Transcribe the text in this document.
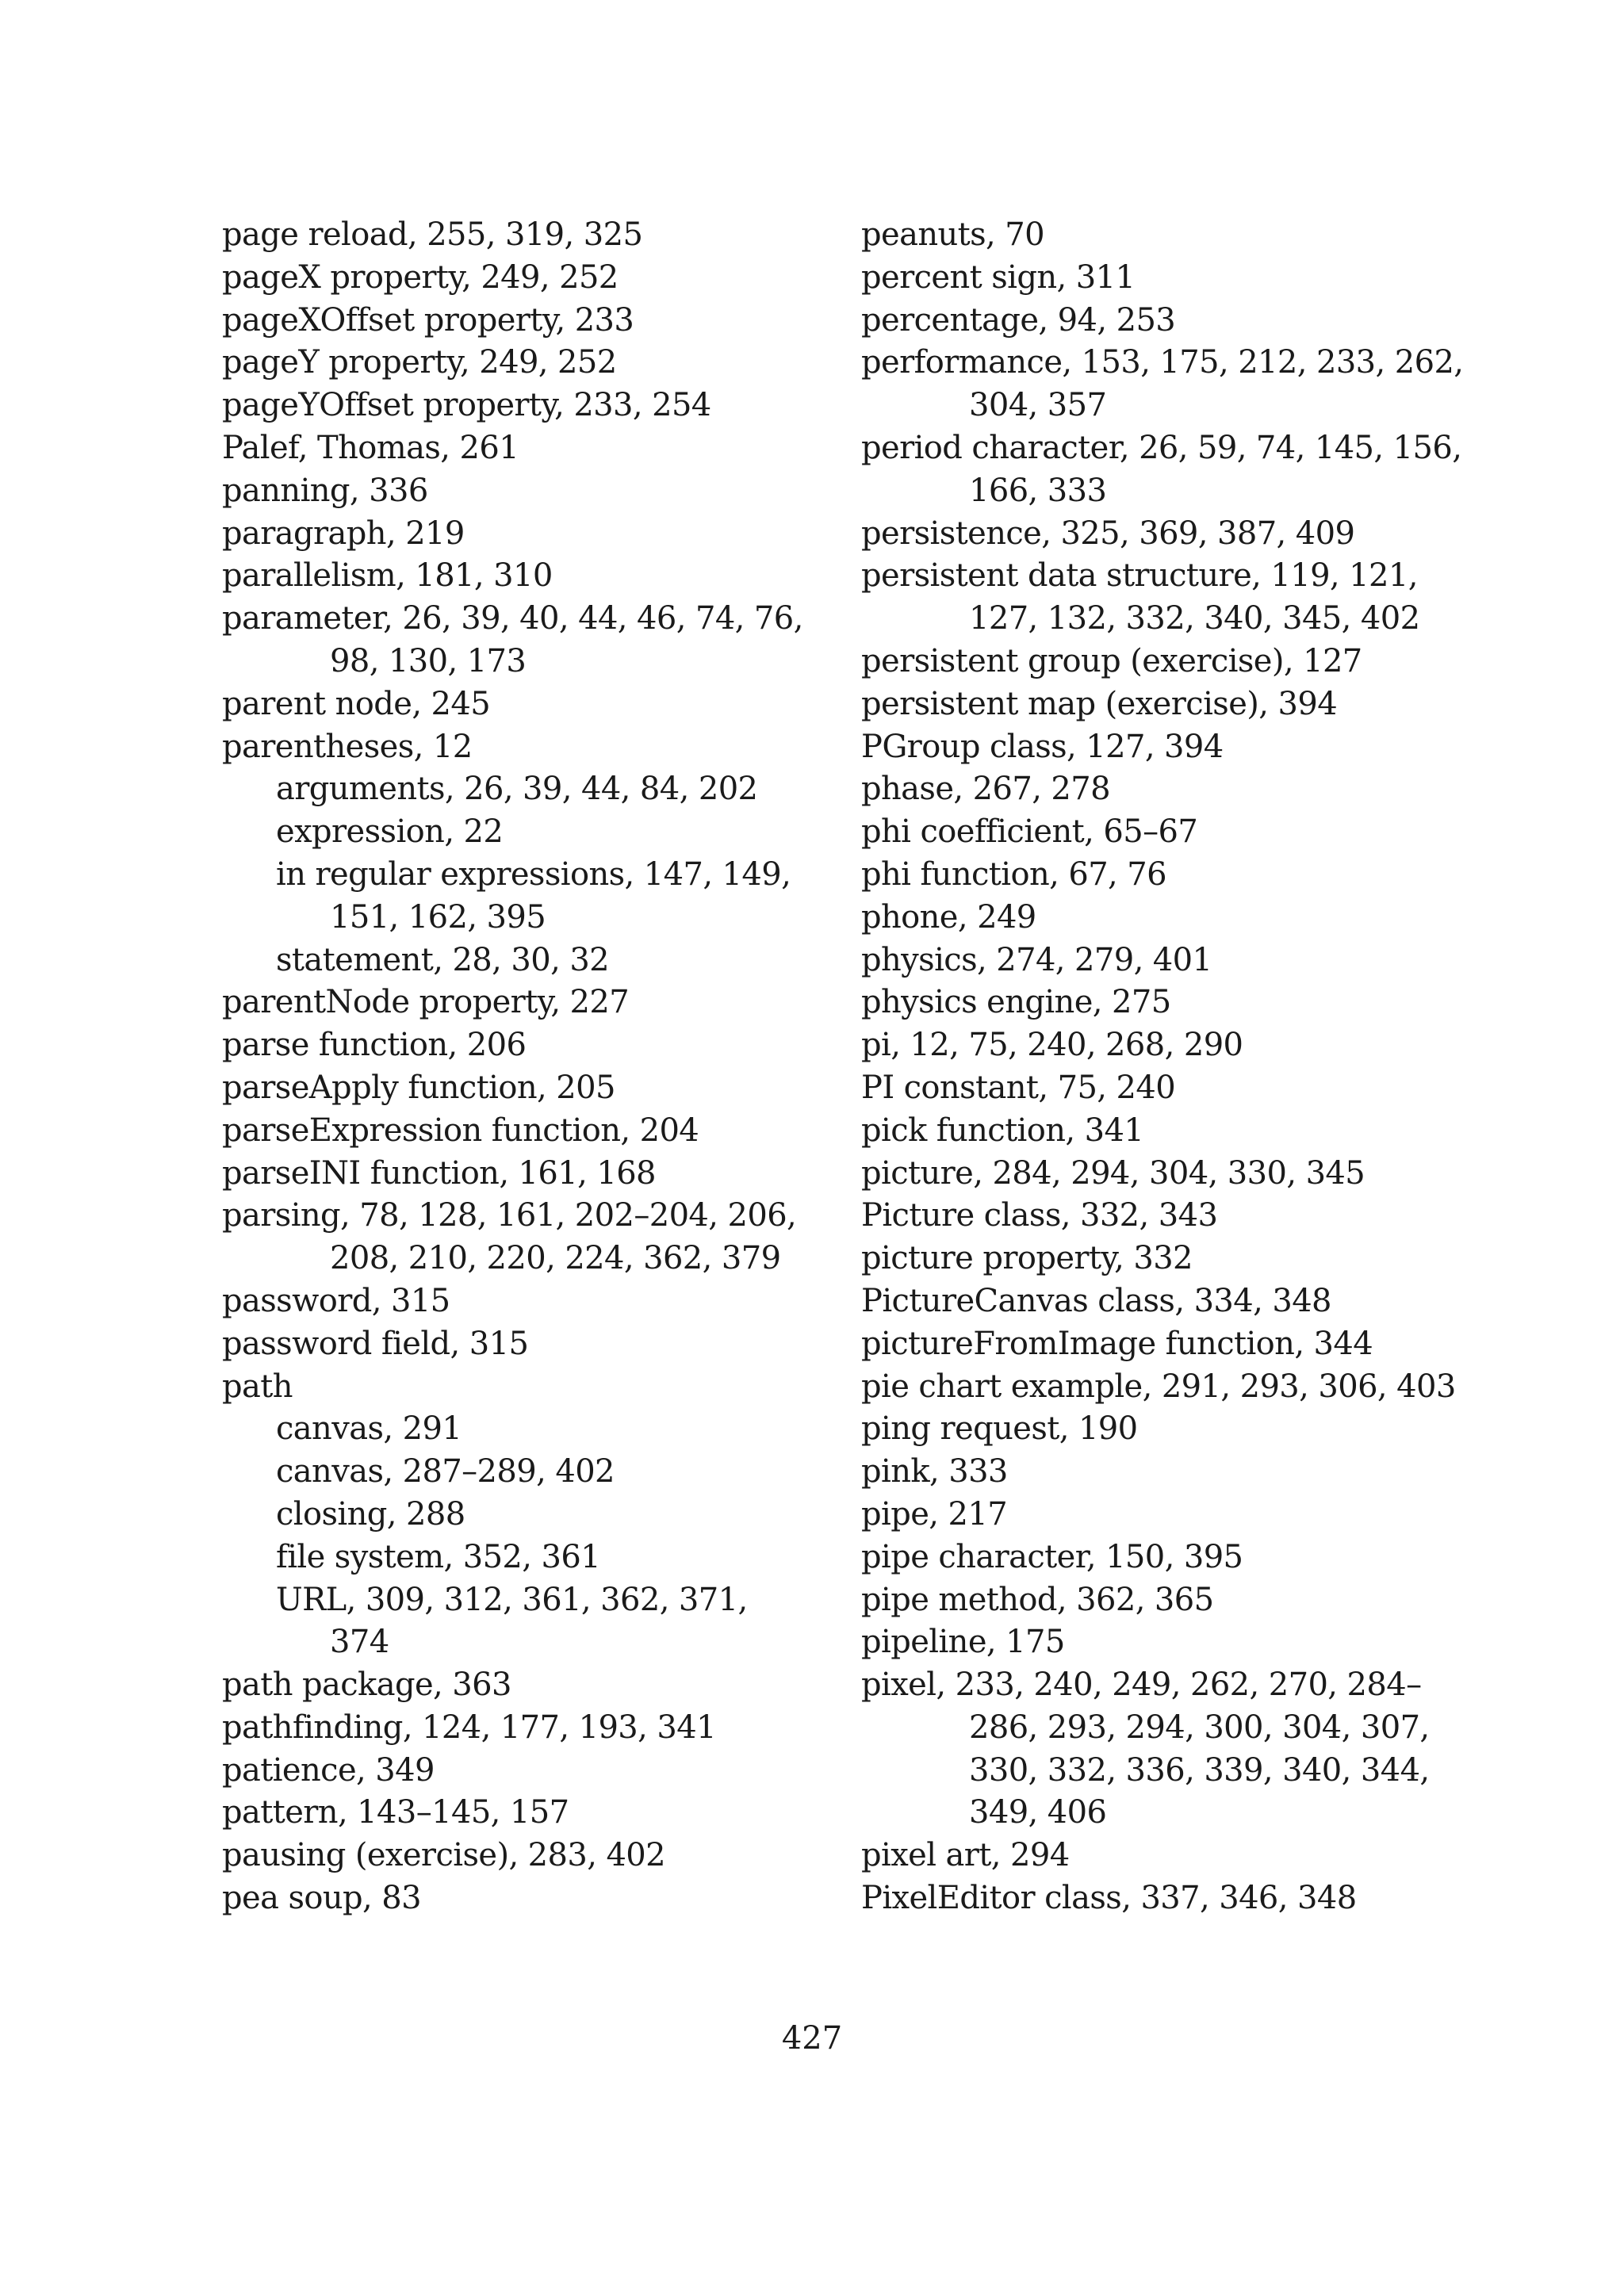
page reload, 255, 319, 325
pageX property, 249, 252
pageXOffset property, 233
pageY property, 249, 252
pageYOffset property, 233, 254
Palef, Thomas, 261
panning, 336
paragraph, 219
parallelism, 181, 310
parameter, 26, 39, 40, 44, 46, 74, 76,
98, 130, 173
parent node, 245
parentheses, 12
arguments, 26, 39, 44, 84, 202
expression, 22
in regular expressions, 147, 149,
151, 162, 395
statement, 28, 30, 32
parentNode property, 227
parse function, 206
parseApply function, 205
parseExpression function, 204
parseINI function, 161, 168
parsing, 78, 128, 161, 202–204, 206,
208, 210, 220, 224, 362, 379
password, 315
password field, 315
path
canvas, 291
canvas, 287–289, 402
closing, 288
file system, 352, 361
URL, 309, 312, 361, 362, 371,
374
path package, 363
pathfinding, 124, 177, 193, 341
patience, 349
pattern, 143–145, 157
pausing (exercise), 283, 402
pea soup, 83
peanuts, 70
percent sign, 311
percentage, 94, 253
performance, 153, 175, 212, 233, 262,
304, 357
period character, 26, 59, 74, 145, 156,
166, 333
persistence, 325, 369, 387, 409
persistent data structure, 119, 121,
127, 132, 332, 340, 345, 402
persistent group (exercise), 127
persistent map (exercise), 394
PGroup class, 127, 394
phase, 267, 278
phi coefficient, 65–67
phi function, 67, 76
phone, 249
physics, 274, 279, 401
physics engine, 275
pi, 12, 75, 240, 268, 290
PI constant, 75, 240
pick function, 341
picture, 284, 294, 304, 330, 345
Picture class, 332, 343
picture property, 332
PictureCanvas class, 334, 348
pictureFromImage function, 344
pie chart example, 291, 293, 306, 403
ping request, 190
pink, 333
pipe, 217
pipe character, 150, 395
pipe method, 362, 365
pipeline, 175
pixel, 233, 240, 249, 262, 270, 284–
286, 293, 294, 300, 304, 307,
330, 332, 336, 339, 340, 344,
349, 406
pixel art, 294
PixelEditor class, 337, 346, 348
427
